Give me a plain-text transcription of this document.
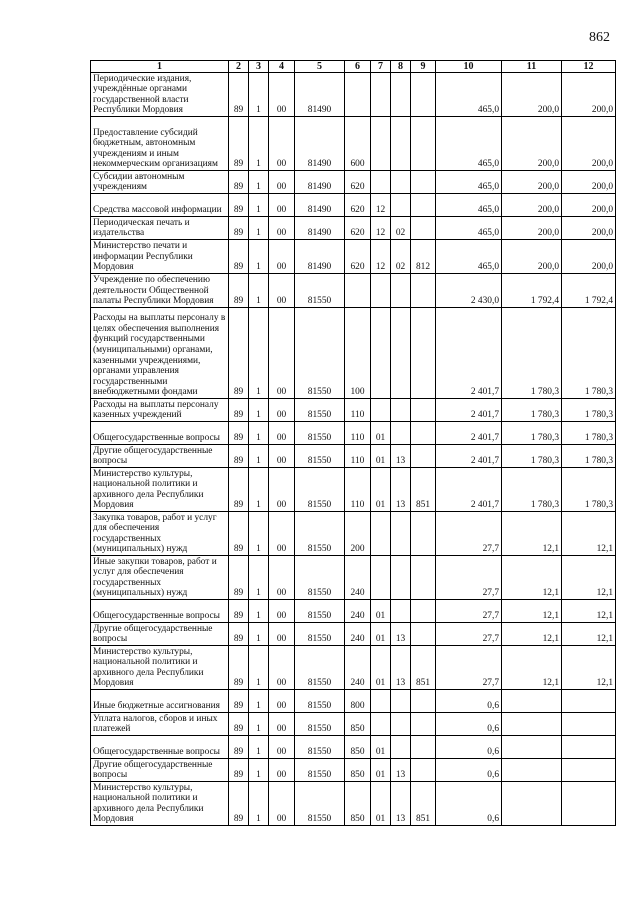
862
1	2	3	4	5	6	7	8	9	10	11	12
Периодические издания, учреждённые органами государственной власти Республики Мордовия	89	1	00	81490					465,0	200,0	200,0
Предоставление субсидий бюджетным, автономным учреждениям и иным некоммерческим организациям	89	1	00	81490	600				465,0	200,0	200,0
Субсидии автономным учреждениям	89	1	00	81490	620				465,0	200,0	200,0
Средства массовой информации	89	1	00	81490	620	12			465,0	200,0	200,0
Периодическая печать и издательства	89	1	00	81490	620	12	02		465,0	200,0	200,0
Министерство печати и информации Республики Мордовия	89	1	00	81490	620	12	02	812	465,0	200,0	200,0
Учреждение по обеспечению деятельности Общественной палаты Республики Мордовия	89	1	00	81550					2 430,0	1 792,4	1 792,4
Расходы на выплаты персоналу в целях обеспечения выполнения функций государственными (муниципальными) органами, казенными учреждениями, органами управления государственными внебюджетными фондами	89	1	00	81550	100				2 401,7	1 780,3	1 780,3
Расходы на выплаты персоналу казенных учреждений	89	1	00	81550	110				2 401,7	1 780,3	1 780,3
Общегосударственные вопросы	89	1	00	81550	110	01			2 401,7	1 780,3	1 780,3
Другие общегосударственные вопросы	89	1	00	81550	110	01	13		2 401,7	1 780,3	1 780,3
Министерство культуры, национальной политики и архивного дела Республики Мордовия	89	1	00	81550	110	01	13	851	2 401,7	1 780,3	1 780,3
Закупка товаров, работ и услуг для обеспечения государственных (муниципальных) нужд	89	1	00	81550	200				27,7	12,1	12,1
Иные закупки товаров, работ и услуг для обеспечения государственных (муниципальных) нужд	89	1	00	81550	240				27,7	12,1	12,1
Общегосударственные вопросы	89	1	00	81550	240	01			27,7	12,1	12,1
Другие общегосударственные вопросы	89	1	00	81550	240	01	13		27,7	12,1	12,1
Министерство культуры, национальной политики и архивного дела Республики Мордовия	89	1	00	81550	240	01	13	851	27,7	12,1	12,1
Иные бюджетные ассигнования	89	1	00	81550	800				0,6		
Уплата налогов, сборов и иных платежей	89	1	00	81550	850				0,6		
Общегосударственные вопросы	89	1	00	81550	850	01			0,6		
Другие общегосударственные вопросы	89	1	00	81550	850	01	13		0,6		
Министерство культуры, национальной политики и архивного дела Республики Мордовия	89	1	00	81550	850	01	13	851	0,6		
